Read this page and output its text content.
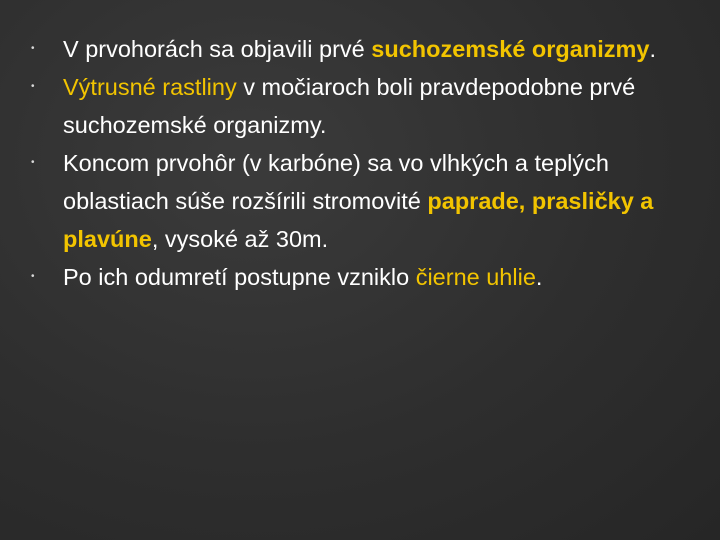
•	V prvohorách sa objavili prvé suchozemské organizmy.
•	Výtrusné rastliny v močiaroch boli pravdepodobne prvé suchozemské organizmy.
•	Koncom prvohôr (v karbóne) sa vo vlhkých a teplých oblastiach súše rozšírili stromovité paprade, prasličky a plavúne, vysoké až 30m.
•	Po ich odumretí postupne vzniklo čierne uhlie.
